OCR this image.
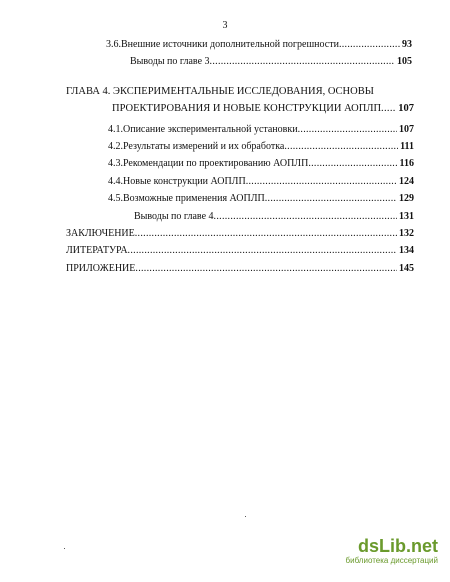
3
3.6. Внешние источники дополнительной погрешности .....	93
Выводы по главе 3 .....	105
ГЛАВА 4. ЭКСПЕРИМЕНТАЛЬНЫЕ ИССЛЕДОВАНИЯ, ОСНОВЫ
ПРОЕКТИРОВАНИЯ И НОВЫЕ КОНСТРУКЦИИ АОПЛП ..... 107
4.1. Описание экспериментальной установки .....	107
4.2. Результаты измерений и их обработка .....	111
4.3. Рекомендации по проектированию АОПЛП .....	116
4.4. Новые конструкции АОПЛП .....	124
4.5. Возможные применения АОПЛП .....	129
Выводы по главе 4 .....	131
ЗАКЛЮЧЕНИЕ .....	132
ЛИТЕРАТУРА .....	134
ПРИЛОЖЕНИЕ .....	145
dsLib.net
библиотека диссертаций
